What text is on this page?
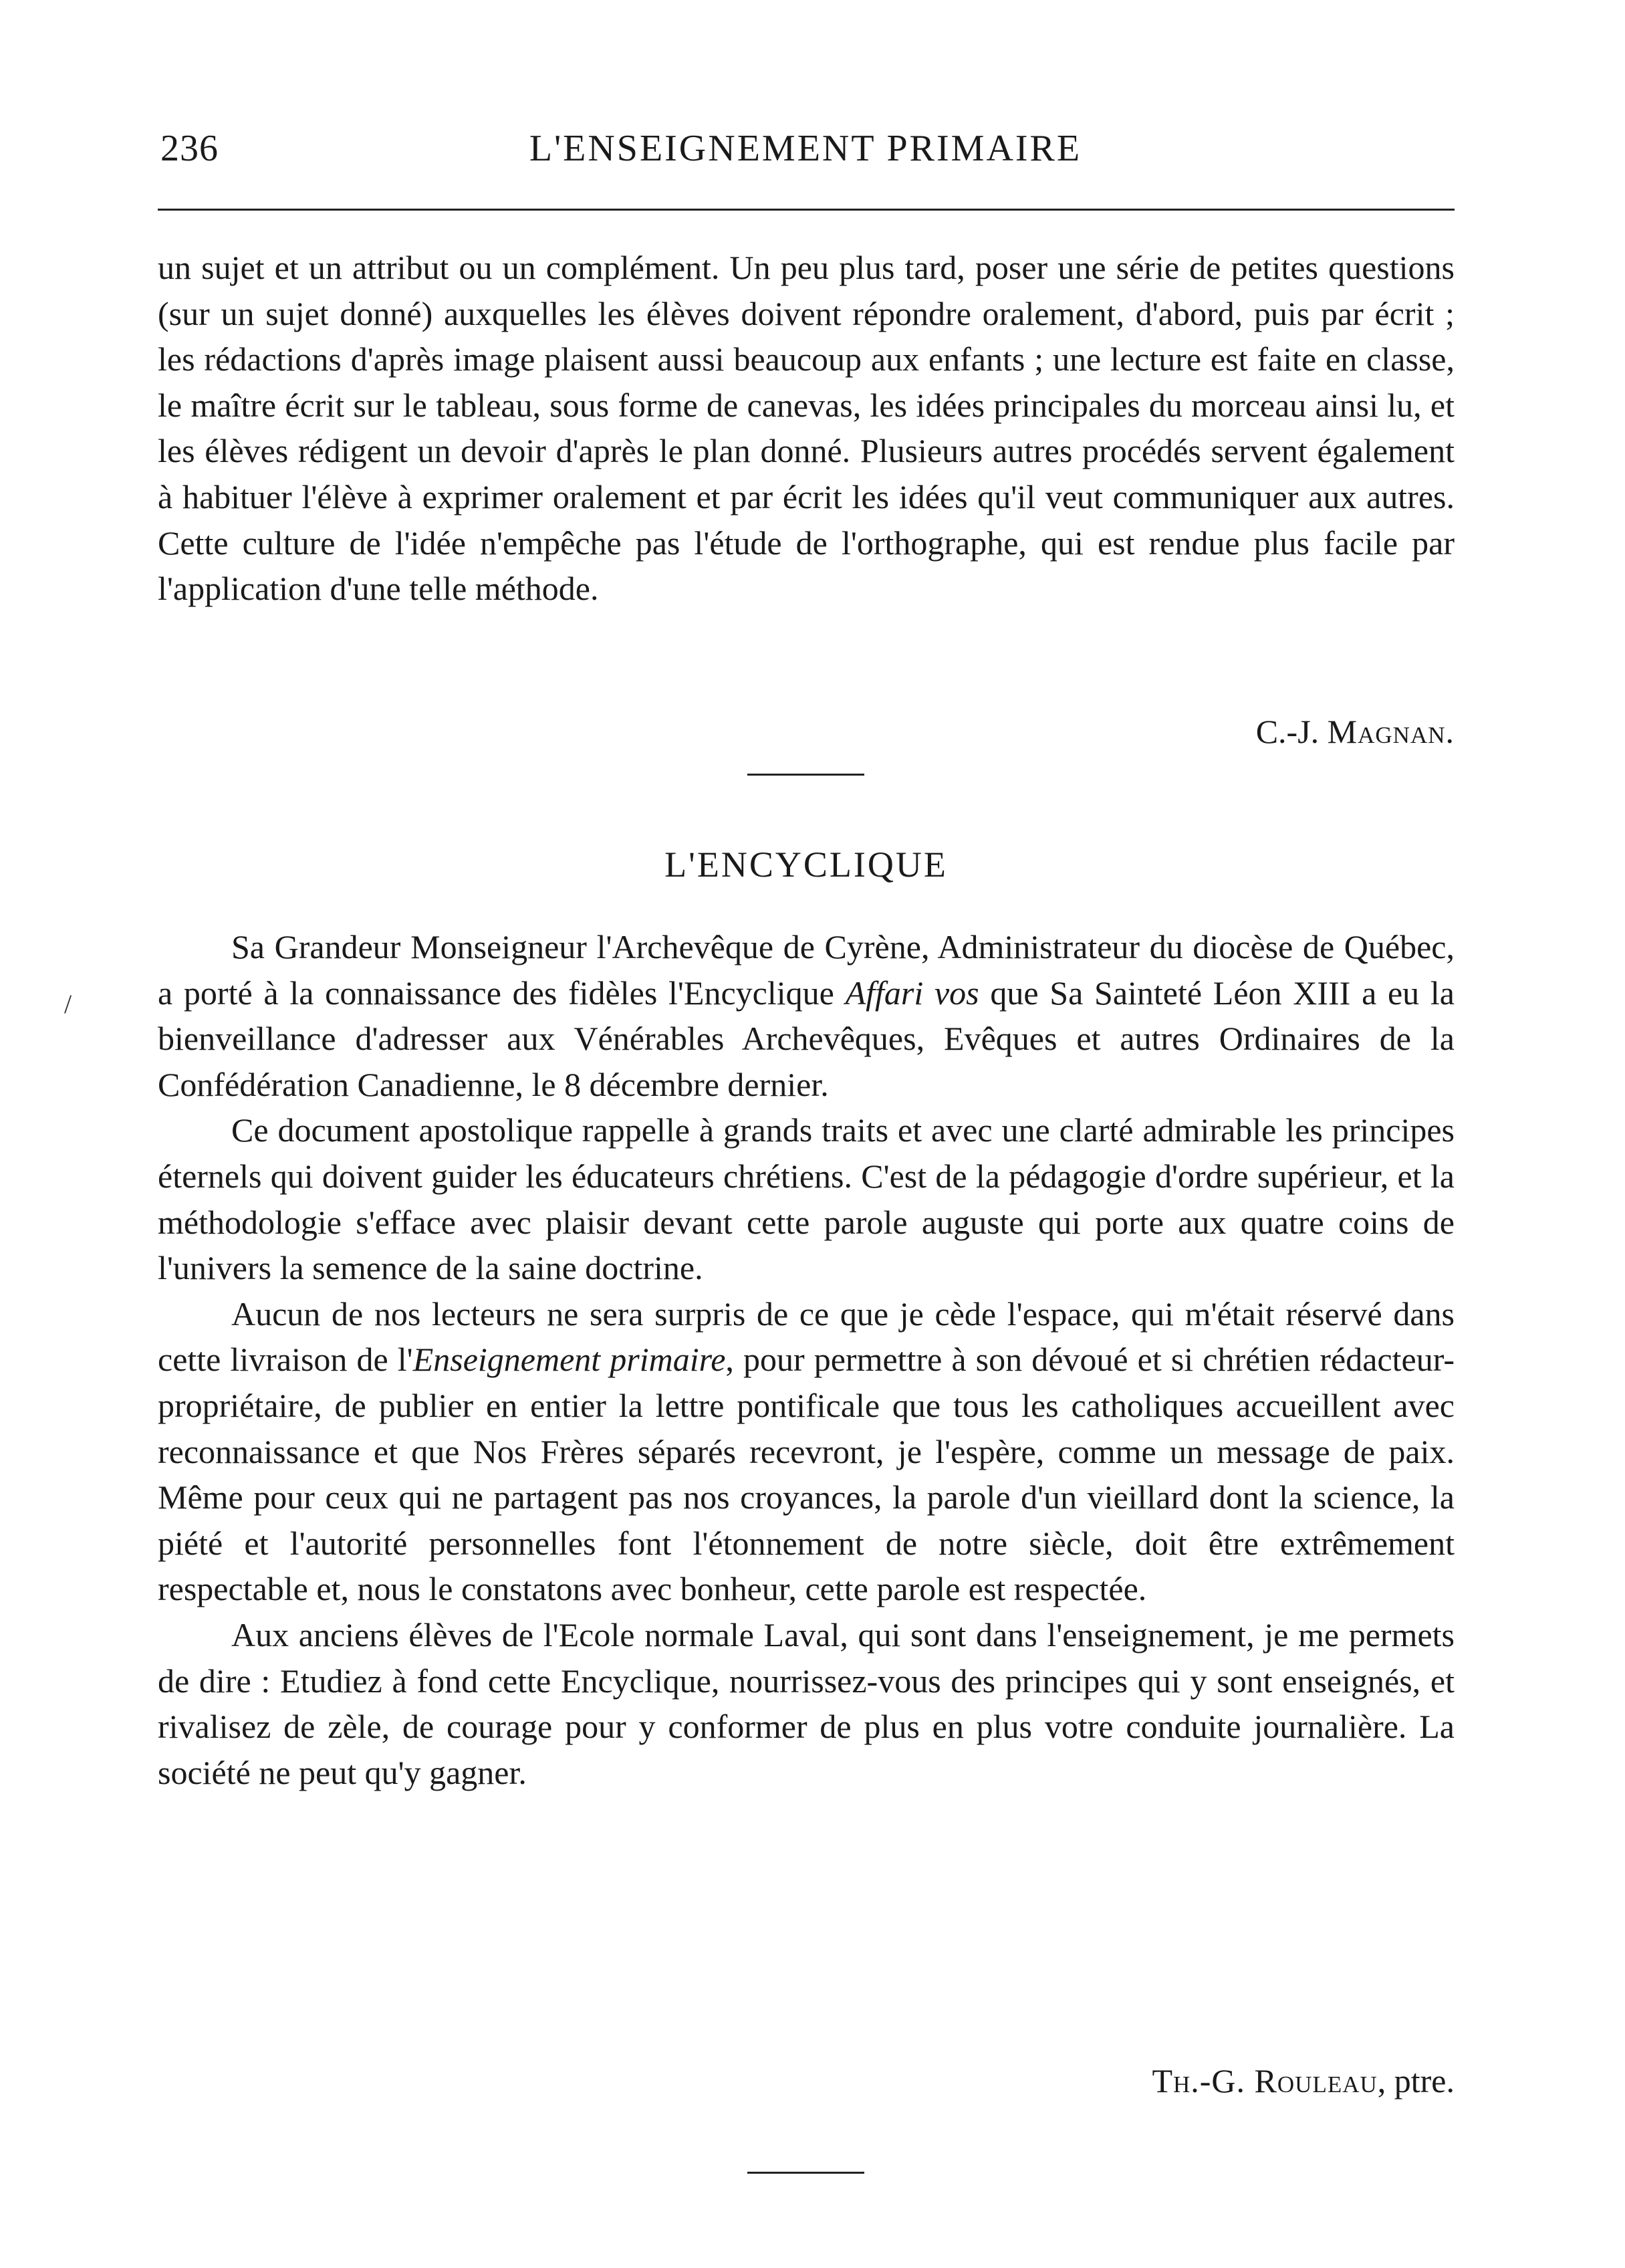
236	L'ENSEIGNEMENT PRIMAIRE

un sujet et un attribut ou un complément. Un peu plus tard, poser une série de petites questions (sur un sujet donné) auxquelles les élèves doivent répondre oralement, d'abord, puis par écrit ; les rédactions d'après image plaisent aussi beaucoup aux enfants ; une lecture est faite en classe, le maître écrit sur le tableau, sous forme de canevas, les idées principales du morceau ainsi lu, et les élèves rédigent un devoir d'après le plan donné. Plusieurs autres procédés servent également à habituer l'élève à exprimer oralement et par écrit les idées qu'il veut communiquer aux autres. Cette culture de l'idée n'empêche pas l'étude de l'orthographe, qui est rendue plus facile par l'application d'une telle méthode.

C.-J. Magnan.
L'ENCYCLIQUE
/

Sa Grandeur Monseigneur l'Archevêque de Cyrène, Administrateur du diocèse de Québec, a porté à la connaissance des fidèles l'Encyclique Affari vos que Sa Sainteté Léon XIII a eu la bienveillance d'adresser aux Vénérables Archevêques, Evêques et autres Ordinaires de la Confédération Canadienne, le 8 décembre dernier.

Ce document apostolique rappelle à grands traits et avec une clarté admirable les principes éternels qui doivent guider les éducateurs chrétiens. C'est de la pédagogie d'ordre supérieur, et la méthodologie s'efface avec plaisir devant cette parole auguste qui porte aux quatre coins de l'univers la semence de la saine doctrine.

Aucun de nos lecteurs ne sera surpris de ce que je cède l'espace, qui m'était réservé dans cette livraison de l'Enseignement primaire, pour permettre à son dévoué et si chrétien rédacteur-propriétaire, de publier en entier la lettre pontificale que tous les catholiques accueillent avec reconnaissance et que Nos Frères séparés recevront, je l'espère, comme un message de paix. Même pour ceux qui ne partagent pas nos croyances, la parole d'un vieillard dont la science, la piété et l'autorité personnelles font l'étonnement de notre siècle, doit être extrêmement respectable et, nous le constatons avec bonheur, cette parole est respectée.

Aux anciens élèves de l'Ecole normale Laval, qui sont dans l'enseignement, je me permets de dire : Etudiez à fond cette Encyclique, nourrissez-vous des principes qui y sont enseignés, et rivalisez de zèle, de courage pour y conformer de plus en plus votre conduite journalière. La société ne peut qu'y gagner.

Th.-G. Rouleau, ptre.
